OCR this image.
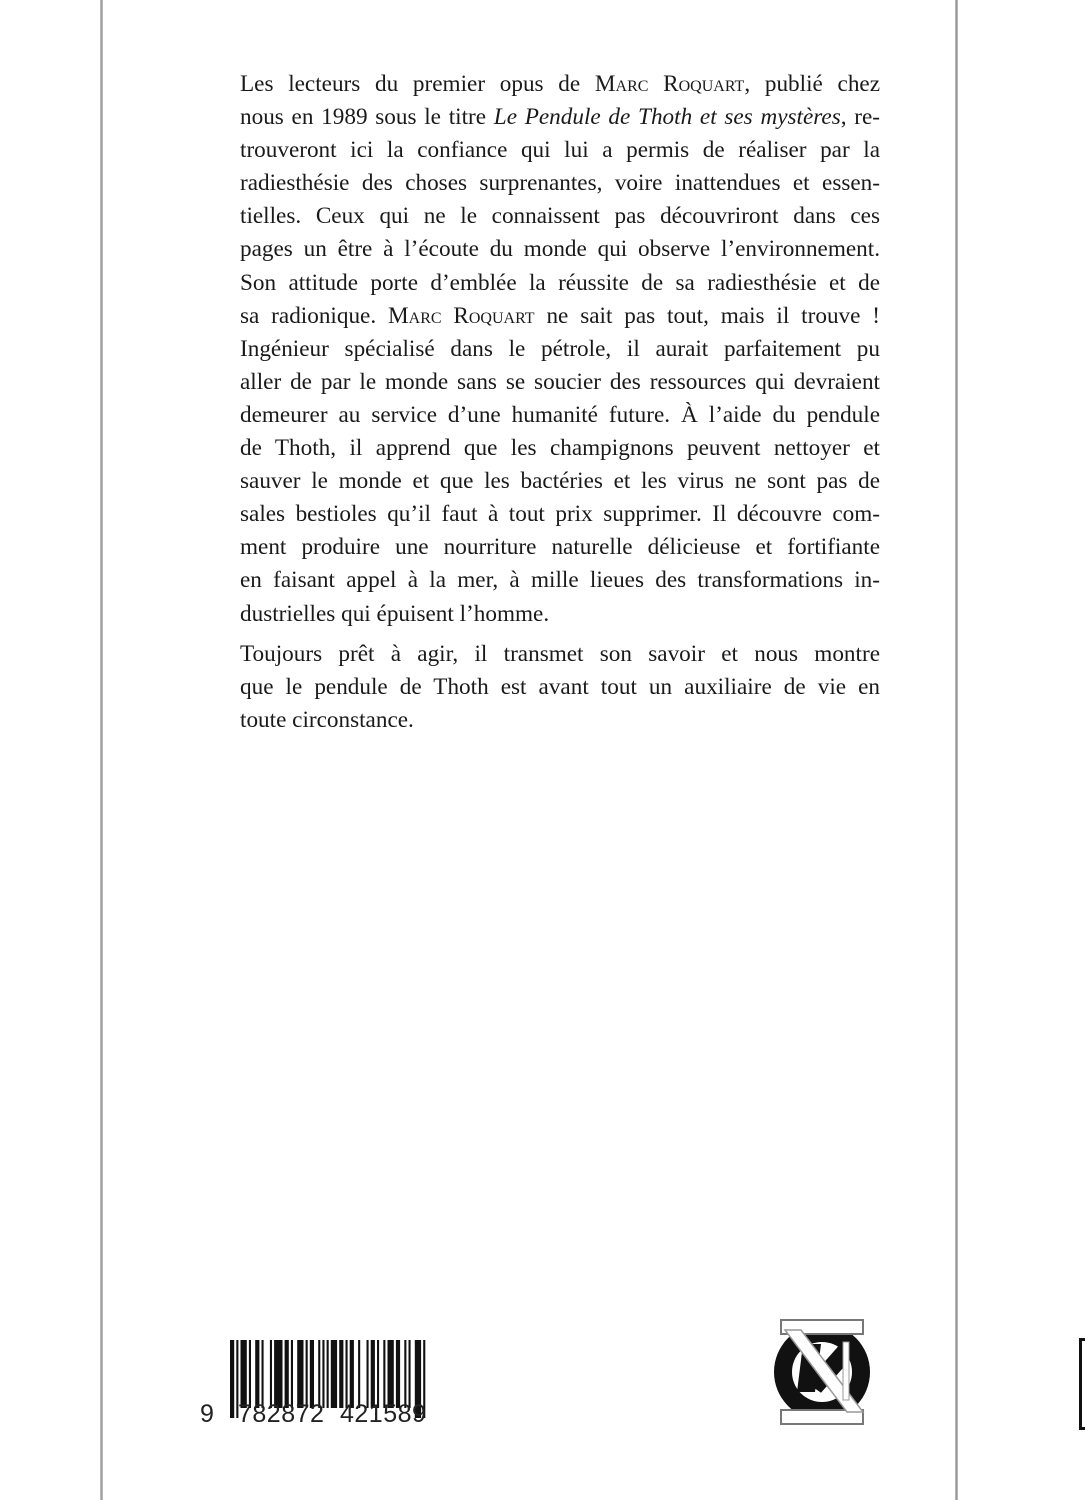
Les lecteurs du premier opus de Marc Roquart, publié chez
nous en 1989 sous le titre Le Pendule de Thoth et ses mystères, re-
trouveront ici la confiance qui lui a permis de réaliser par la
radiesthésie des choses surprenantes, voire inattendues et essen-
tielles. Ceux qui ne le connaissent pas découvriront dans ces
pages un être à l’écoute du monde qui observe l’environnement.
Son attitude porte d’emblée la réussite de sa radiesthésie et de
sa radionique. Marc Roquart ne sait pas tout, mais il trouve !
Ingénieur spécialisé dans le pétrole, il aurait parfaitement pu
aller de par le monde sans se soucier des ressources qui devraient
demeurer au service d’une humanité future. À l’aide du pendule
de Thoth, il apprend que les champignons peuvent nettoyer et
sauver le monde et que les bactéries et les virus ne sont pas de
sales bestioles qu’il faut à tout prix supprimer. Il découvre com-
ment produire une nourriture naturelle délicieuse et fortifiante
en faisant appel à la mer, à mille lieues des transformations in-
dustrielles qui épuisent l’homme.

Toujours prêt à agir, il transmet son savoir et nous montre
que le pendule de Thoth est avant tout un auxiliaire de vie en
toute circonstance.

9 782872 421589
